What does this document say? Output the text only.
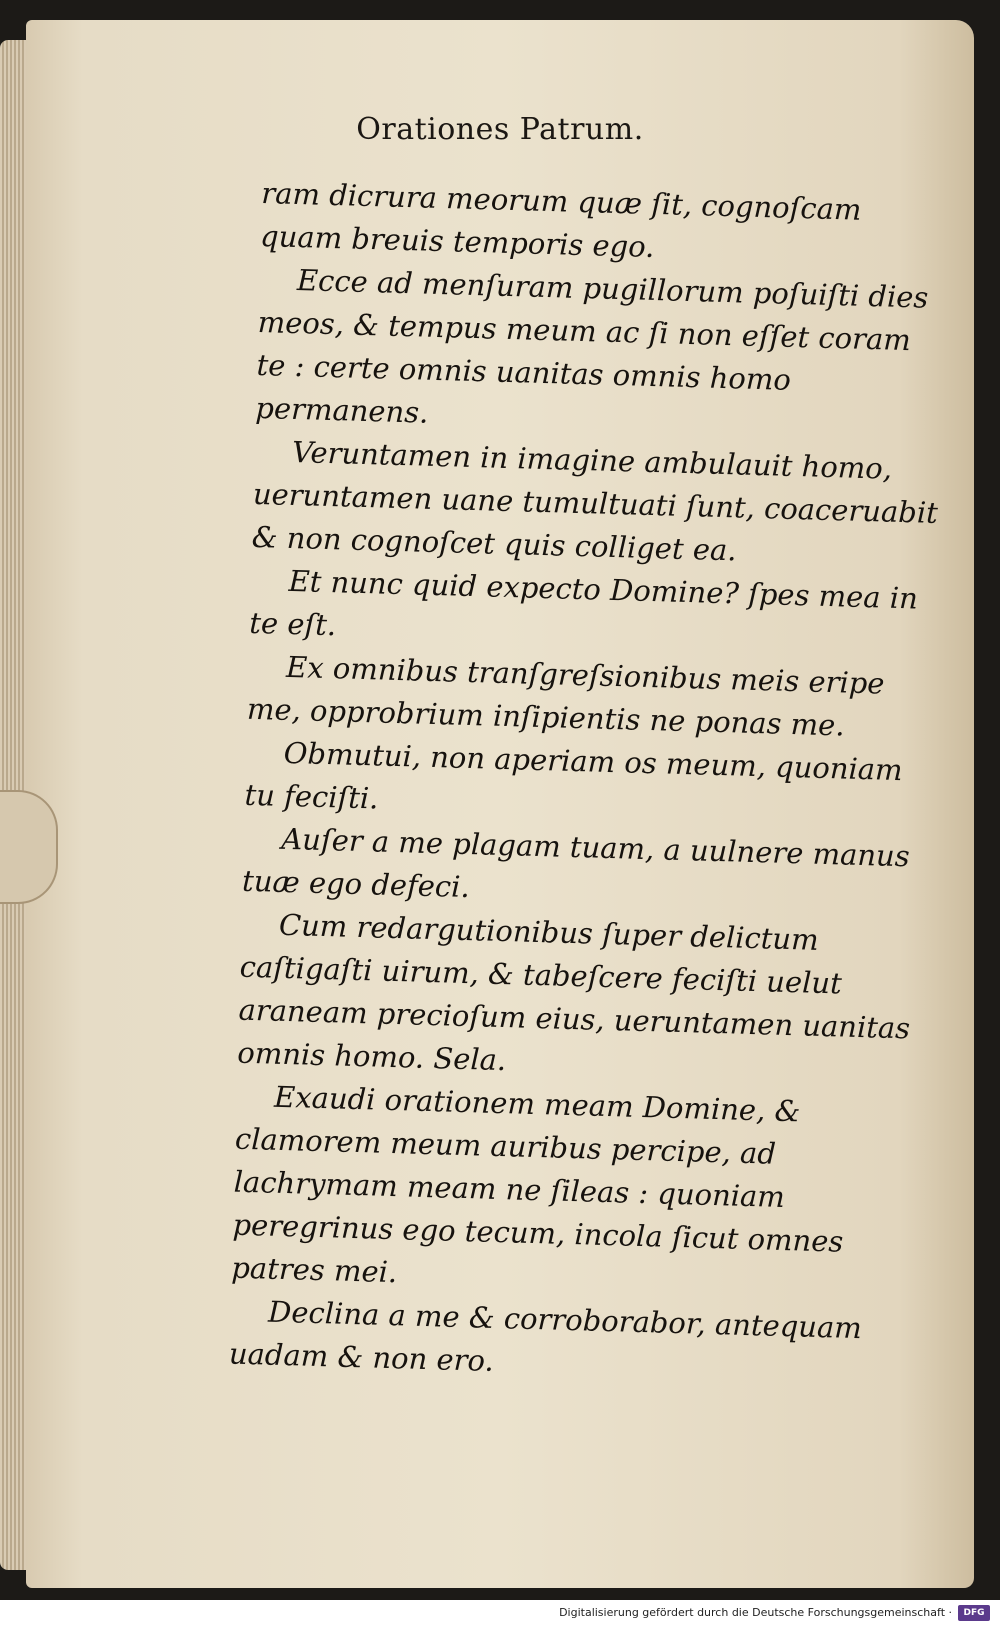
Orationes Patrum.

ram dicrura meorum quæ ſit, cognoſcam quam breuis temporis ego.

Ecce ad menſuram pugillorum poſuiſti dies meos, & tempus meum ac ſi non eſſet coram te : certe omnis uanitas omnis homo permanens.

Veruntamen in imagine ambulauit homo, ueruntamen uane tumultuati ſunt, coaceruabit & non cognoſcet quis colliget ea.

Et nunc quid expecto Domine? ſpes mea in te eſt.

Ex omnibus tranſgreſsionibus meis eripe me, opprobrium inſipientis ne ponas me.

Obmutui, non aperiam os meum, quoniam tu feciſti.

Auſer a me plagam tuam, a uulnere manus tuæ ego defeci.

Cum redargutionibus ſuper delictum caſtigaſti uirum, & tabeſcere feciſti uelut araneam precioſum eius, ueruntamen uanitas omnis homo. Sela.

Exaudi orationem meam Domine, & clamorem meum auribus percipe, ad lachrymam meam ne ſileas : quoniam peregrinus ego tecum, incola ſicut omnes patres mei.

Declina a me & corroborabor, antequam uadam & non ero.

Digitalisierung gefördert durch die Deutsche Forschungsgemeinschaft ·	DFG
